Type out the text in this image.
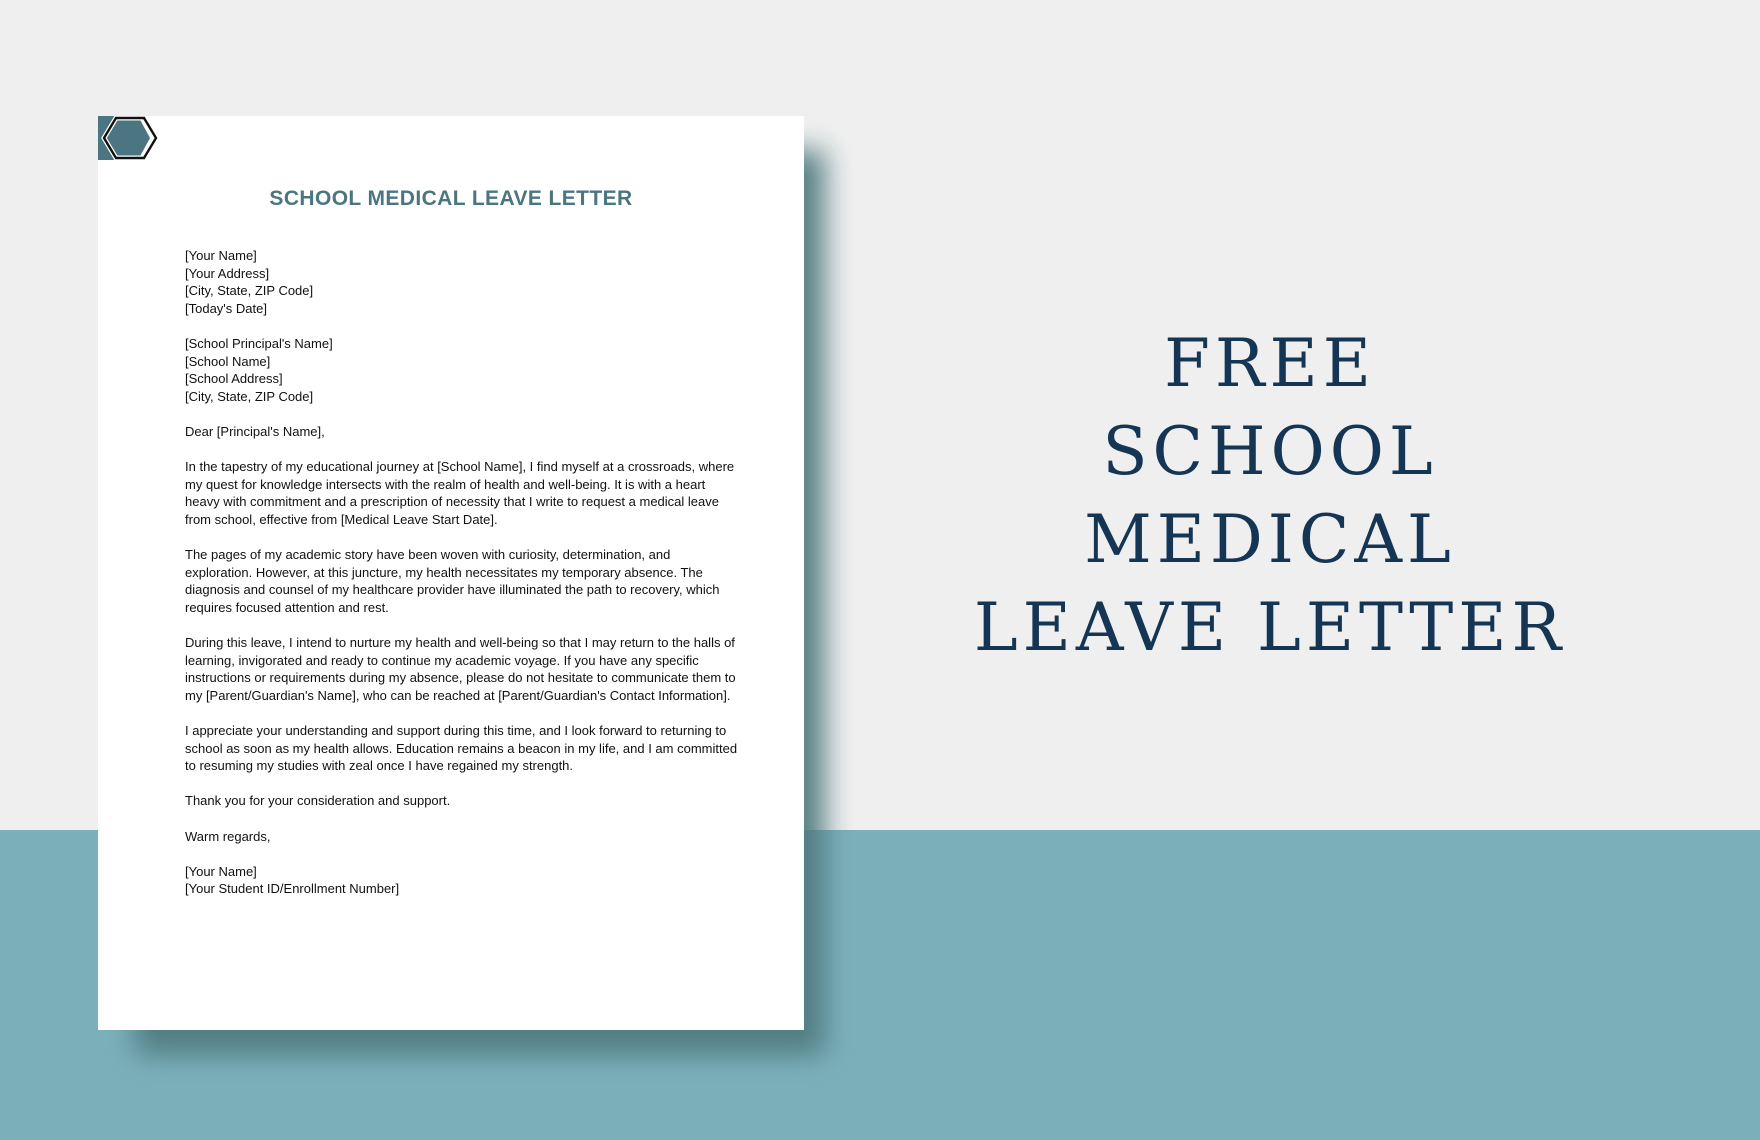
SCHOOL MEDICAL LEAVE LETTER

[Your Name]
[Your Address]
[City, State, ZIP Code]
[Today's Date]

[School Principal's Name]
[School Name]
[School Address]
[City, State, ZIP Code]

Dear [Principal's Name],

In the tapestry of my educational journey at [School Name], I find myself at a crossroads, where my quest for knowledge intersects with the realm of health and well-being. It is with a heart heavy with commitment and a prescription of necessity that I write to request a medical leave from school, effective from [Medical Leave Start Date].

The pages of my academic story have been woven with curiosity, determination, and exploration. However, at this juncture, my health necessitates my temporary absence. The diagnosis and counsel of my healthcare provider have illuminated the path to recovery, which requires focused attention and rest.

During this leave, I intend to nurture my health and well-being so that I may return to the halls of learning, invigorated and ready to continue my academic voyage. If you have any specific instructions or requirements during my absence, please do not hesitate to communicate them to my [Parent/Guardian's Name], who can be reached at [Parent/Guardian's Contact Information].

I appreciate your understanding and support during this time, and I look forward to returning to school as soon as my health allows. Education remains a beacon in my life, and I am committed to resuming my studies with zeal once I have regained my strength.

Thank you for your consideration and support.

Warm regards,

[Your Name]
[Your Student ID/Enrollment Number]

FREE
SCHOOL
MEDICAL
LEAVE LETTER
